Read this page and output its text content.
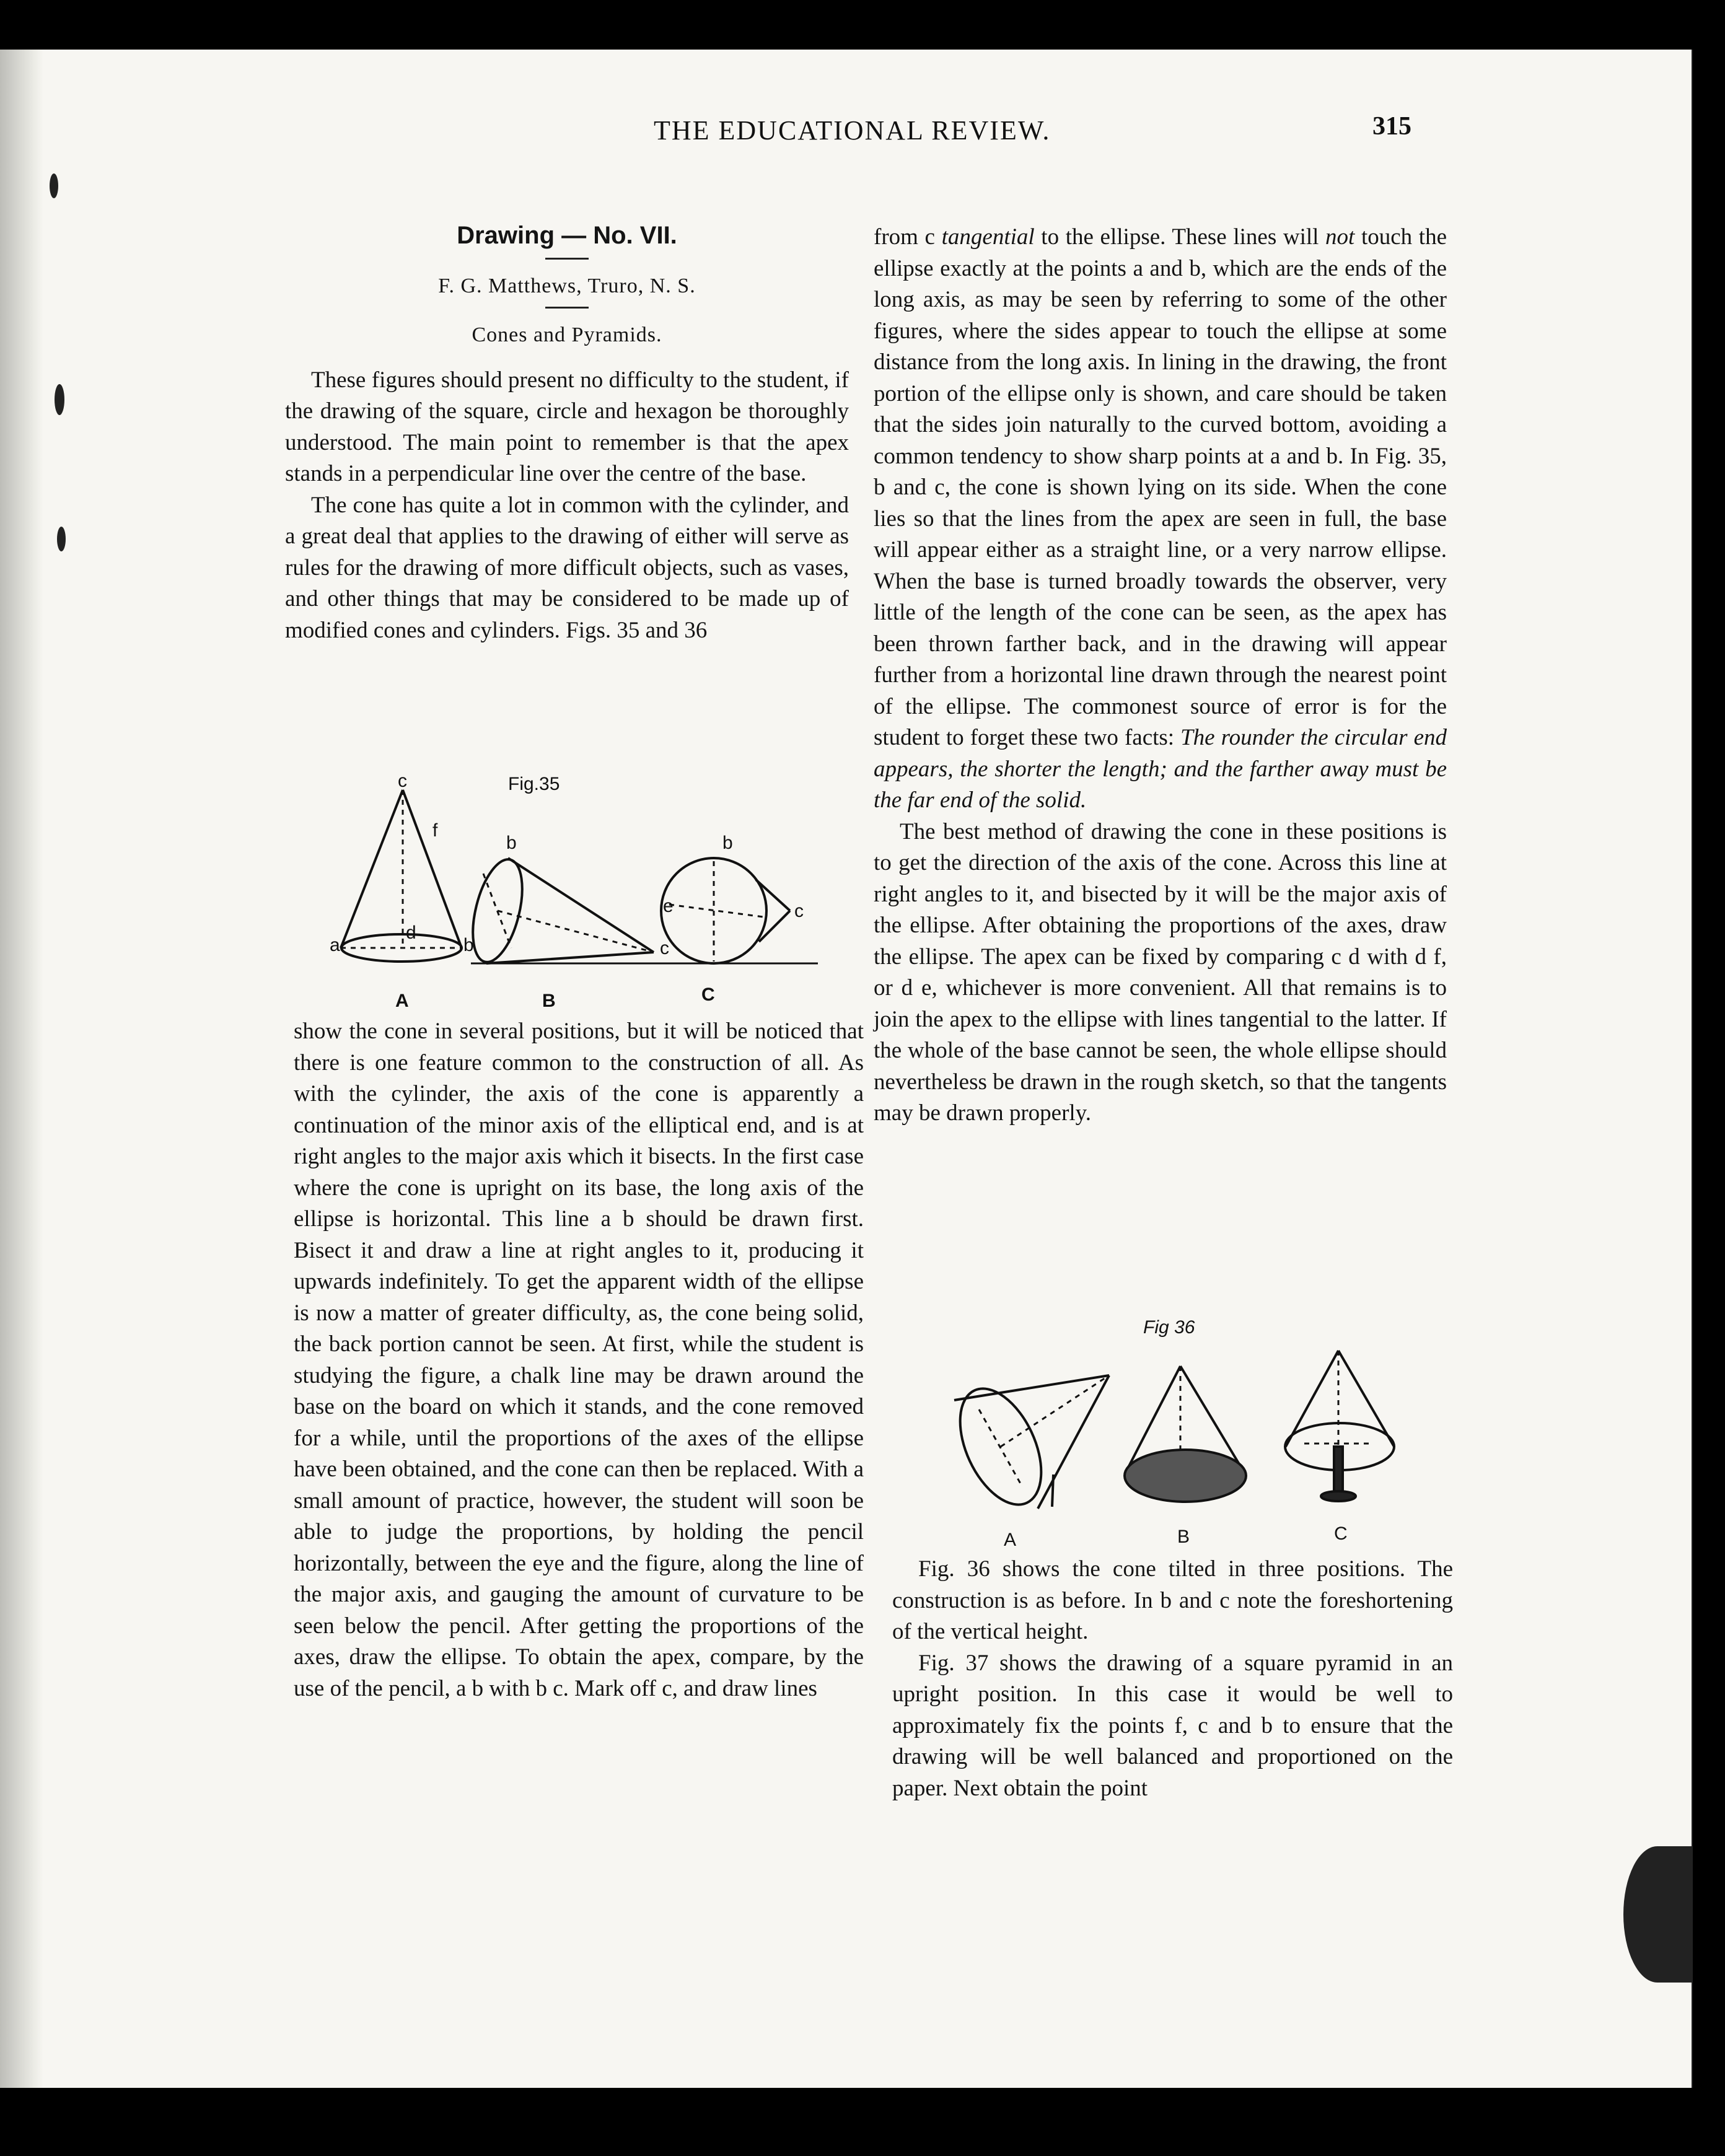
THE EDUCATIONAL REVIEW.	315
Drawing — No. VII.
F. G. Matthews, Truro, N. S.
Cones and Pyramids.

These figures should present no difficulty to the student, if the drawing of the square, circle and hexagon be thoroughly understood. The main point to remember is that the apex stands in a perpendicular line over the centre of the base.

The cone has quite a lot in common with the cylinder, and a great deal that applies to the drawing of either will serve as rules for the drawing of more difficult objects, such as vases, and other things that may be considered to be made up of modified cones and cylinders. Figs. 35 and 36

Fig.35
c
a	b
d
f
b
c
b
c
e
A	B	C

show the cone in several positions, but it will be noticed that there is one feature common to the construction of all. As with the cylinder, the axis of the cone is apparently a continuation of the minor axis of the elliptical end, and is at right angles to the major axis which it bisects. In the first case where the cone is upright on its base, the long axis of the ellipse is horizontal. This line a b should be drawn first. Bisect it and draw a line at right angles to it, producing it upwards indefinitely. To get the apparent width of the ellipse is now a matter of greater difficulty, as, the cone being solid, the back portion cannot be seen. At first, while the student is studying the figure, a chalk line may be drawn around the base on the board on which it stands, and the cone removed for a while, until the proportions of the axes of the ellipse have been obtained, and the cone can then be replaced. With a small amount of practice, however, the student will soon be able to judge the proportions, by holding the pencil horizontally, between the eye and the figure, along the line of the major axis, and gauging the amount of curvature to be seen below the pencil. After getting the proportions of the axes, draw the ellipse. To obtain the apex, compare, by the use of the pencil, a b with b c. Mark off c, and draw lines

from c tangential to the ellipse. These lines will not touch the ellipse exactly at the points a and b, which are the ends of the long axis, as may be seen by referring to some of the other figures, where the sides appear to touch the ellipse at some distance from the long axis. In lining in the drawing, the front portion of the ellipse only is shown, and care should be taken that the sides join naturally to the curved bottom, avoiding a common tendency to show sharp points at a and b. In Fig. 35, b and c, the cone is shown lying on its side. When the cone lies so that the lines from the apex are seen in full, the base will appear either as a straight line, or a very narrow ellipse. When the base is turned broadly towards the observer, very little of the length of the cone can be seen, as the apex has been thrown farther back, and in the drawing will appear further from a horizontal line drawn through the nearest point of the ellipse. The commonest source of error is for the student to forget these two facts: The rounder the circular end appears, the shorter the length; and the farther away must be the far end of the solid.

The best method of drawing the cone in these positions is to get the direction of the axis of the cone. Across this line at right angles to it, and bisected by it will be the major axis of the ellipse. After obtaining the proportions of the axes, draw the ellipse. The apex can be fixed by comparing c d with d f, or d e, whichever is more convenient. All that remains is to join the apex to the ellipse with lines tangential to the latter. If the whole of the base cannot be seen, the whole ellipse should nevertheless be drawn in the rough sketch, so that the tangents may be drawn properly.

Fig 36
A	B	C

Fig. 36 shows the cone tilted in three positions. The construction is as before. In b and c note the foreshortening of the vertical height.

Fig. 37 shows the drawing of a square pyramid in an upright position. In this case it would be well to approximately fix the points f, c and b to ensure that the drawing will be well balanced and proportioned on the paper. Next obtain the point
